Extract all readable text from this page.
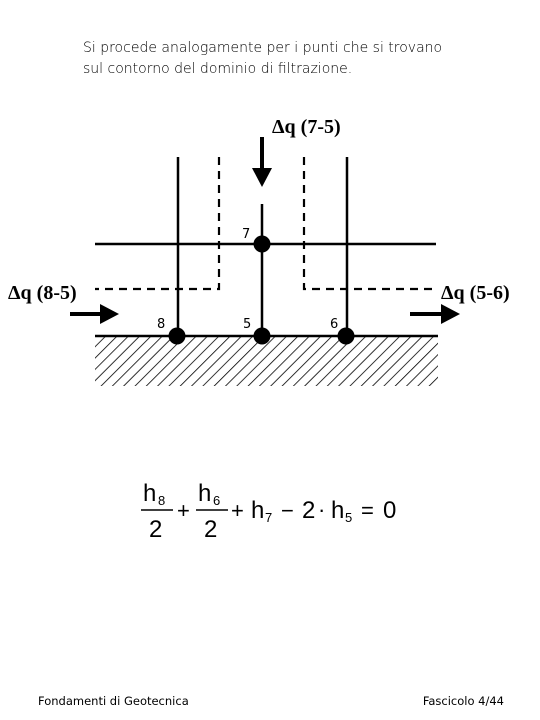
Si procede analogamente per i punti che si trovano
sul contorno del dominio di filtrazione.
7
8	5	6
Δq (7-5)
Δq (8-5)	Δq (5-6)
h 8
2
+
h 6
2
+ h 7 − 2 · h 5 = 0
Fondamenti di Geotecnica	Fascicolo 4/44
